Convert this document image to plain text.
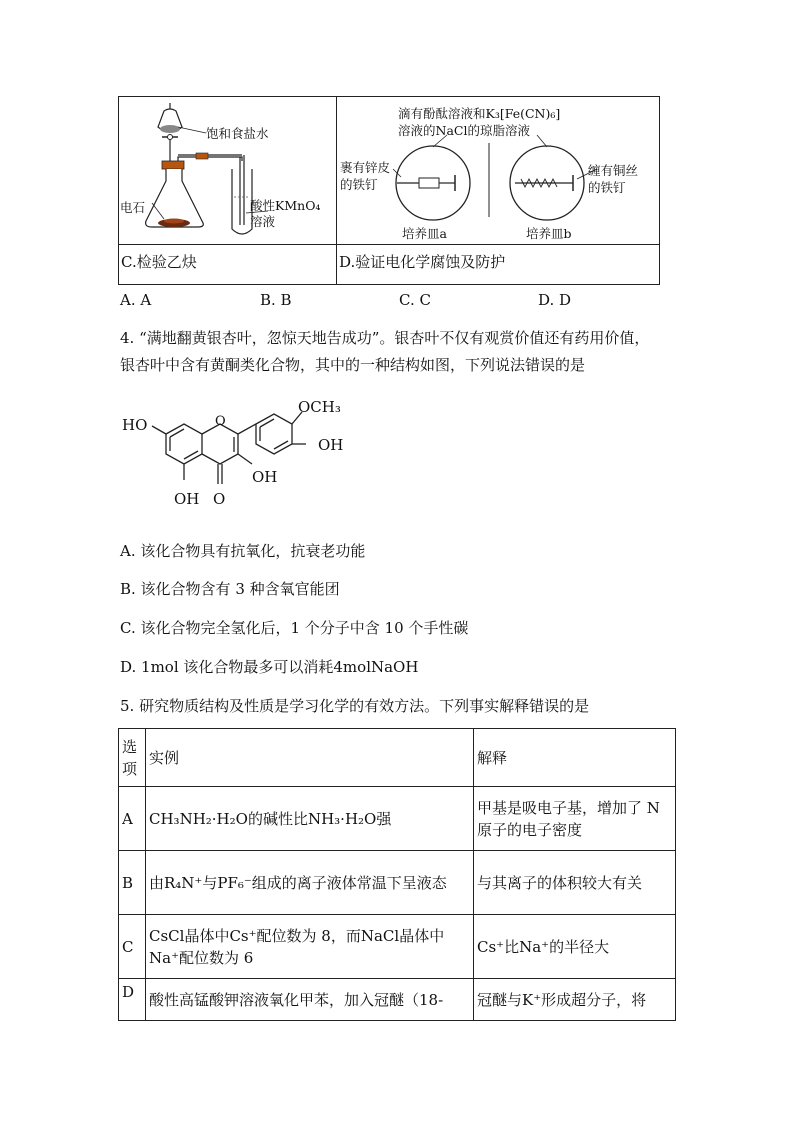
饱和食盐水
电石	酸性KMnO₄
溶液
C.检验乙炔
滴有酚酞溶液和K₃[Fe(CN)₆]
溶液的NaCl的琼脂溶液
裹有锌皮
的铁钉
缠有铜丝
的铁钉
培养皿a	培养皿b
D.验证电化学腐蚀及防护
A. A	B. B	C. C	D. D
4. “满地翻黄银杏叶，忽惊天地告成功”。银杏叶不仅有观赏价值还有药用价值，
银杏叶中含有黄酮类化合物，其中的一种结构如图，下列说法错误的是
HO	O
OCH₃
OH
OH
OH O
A. 该化合物具有抗氧化，抗衰老功能
B. 该化合物含有 3 种含氧官能团
C. 该化合物完全氢化后，1 个分子中含 10 个手性碳
D. 1mol 该化合物最多可以消耗4molNaOH
5. 研究物质结构及性质是学习化学的有效方法。下列事实解释错误的是
选项	实例	解释
A	CH₃NH₂·H₂O的碱性比NH₃·H₂O强	甲基是吸电子基，增加了 N 原子的电子密度
B	由R₄N⁺与PF₆⁻组成的离子液体常温下呈液态	与其离子的体积较大有关
C	CsCl晶体中Cs⁺配位数为 8，而NaCl晶体中Na⁺配位数为 6	Cs⁺比Na⁺的半径大
D	酸性高锰酸钾溶液氧化甲苯，加入冠醚（18-	冠醚与K⁺形成超分子，将
